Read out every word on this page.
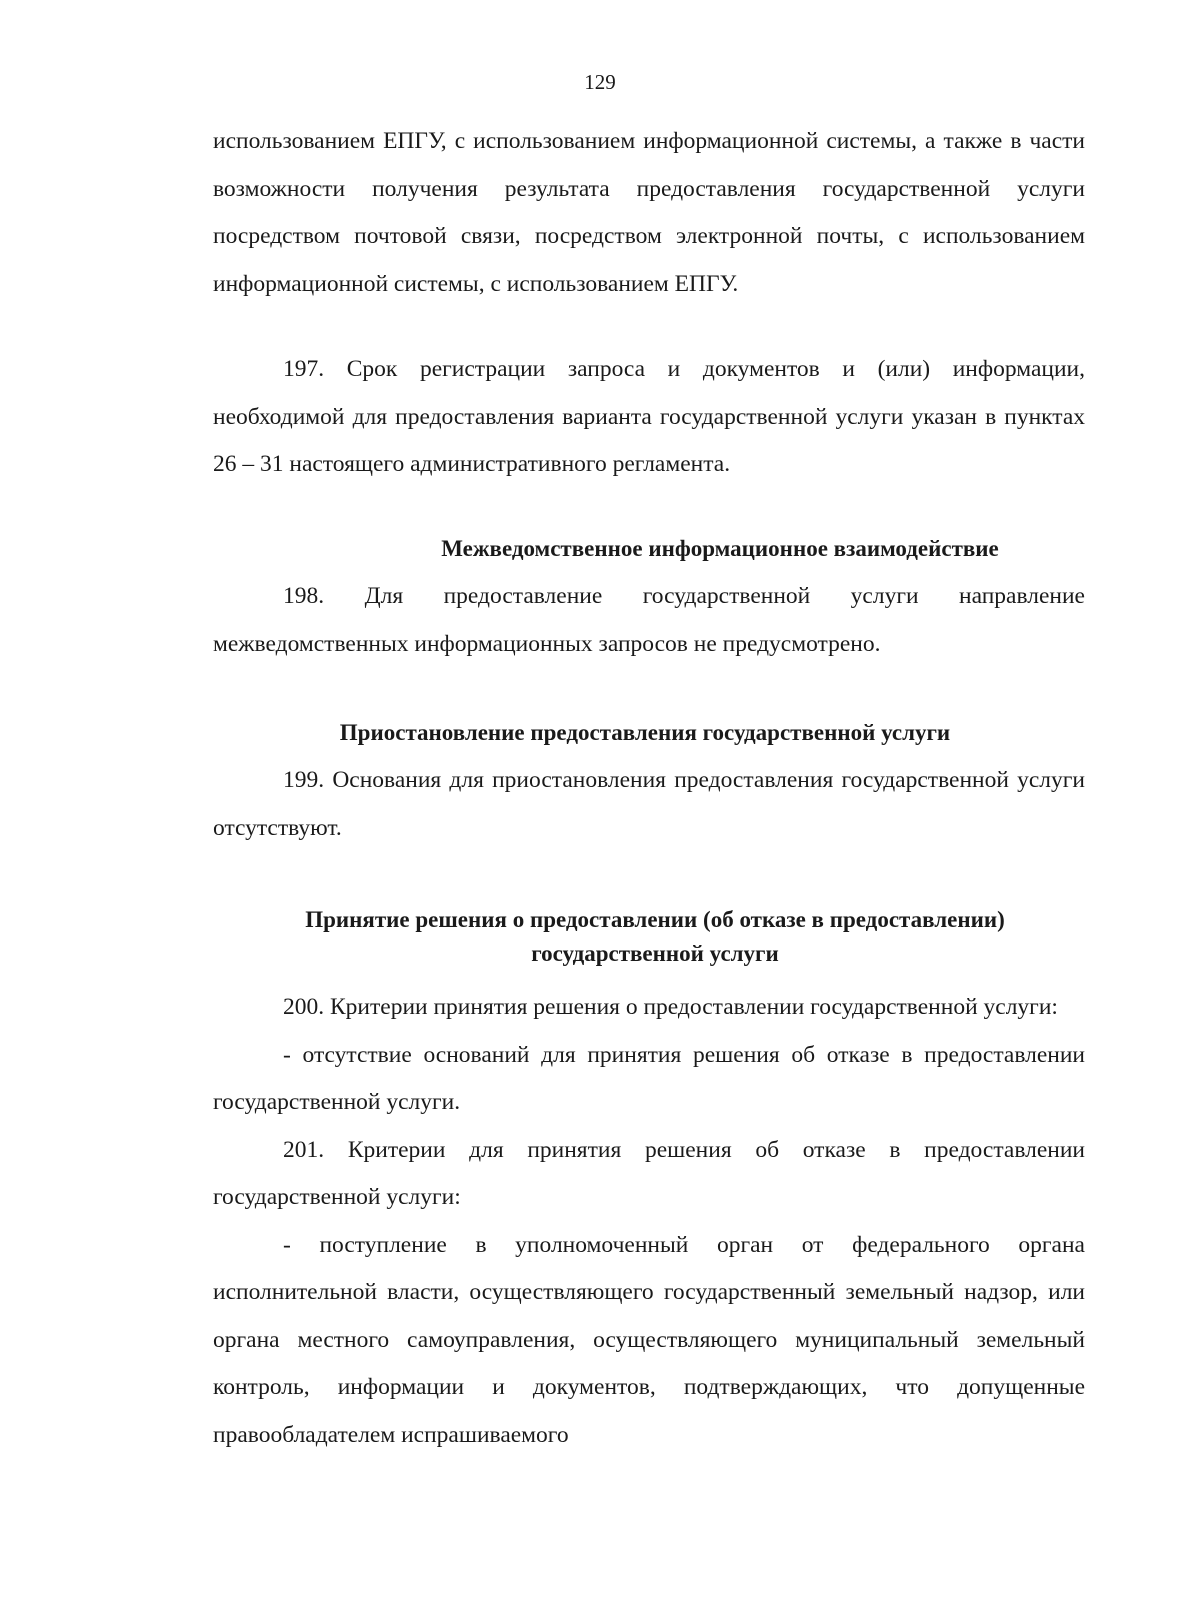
129

использованием ЕПГУ, с использованием информационной системы, а также в части возможности получения результата предоставления государственной услуги посредством почтовой связи, посредством электронной почты, с использованием информационной системы, с использованием ЕПГУ.

197. Срок регистрации запроса и документов и (или) информации, необходимой для предоставления варианта государственной услуги указан в пунктах 26 – 31 настоящего административного регламента.

Межведомственное информационное взаимодействие

198. Для предоставление государственной услуги направление межведомственных информационных запросов не предусмотрено.

Приостановление предоставления государственной услуги

199. Основания для приостановления предоставления государственной услуги отсутствуют.

Принятие решения о предоставлении (об отказе в предоставлении)
государственной услуги

200. Критерии принятия решения о предоставлении государственной услуги:

- отсутствие оснований для принятия решения об отказе в предоставлении государственной услуги.

201. Критерии для принятия решения об отказе в предоставлении государственной услуги:

- поступление в уполномоченный орган от федерального органа исполнительной власти, осуществляющего государственный земельный надзор, или органа местного самоуправления, осуществляющего муниципальный земельный контроль, информации и документов, подтверждающих, что допущенные правообладателем испрашиваемого
